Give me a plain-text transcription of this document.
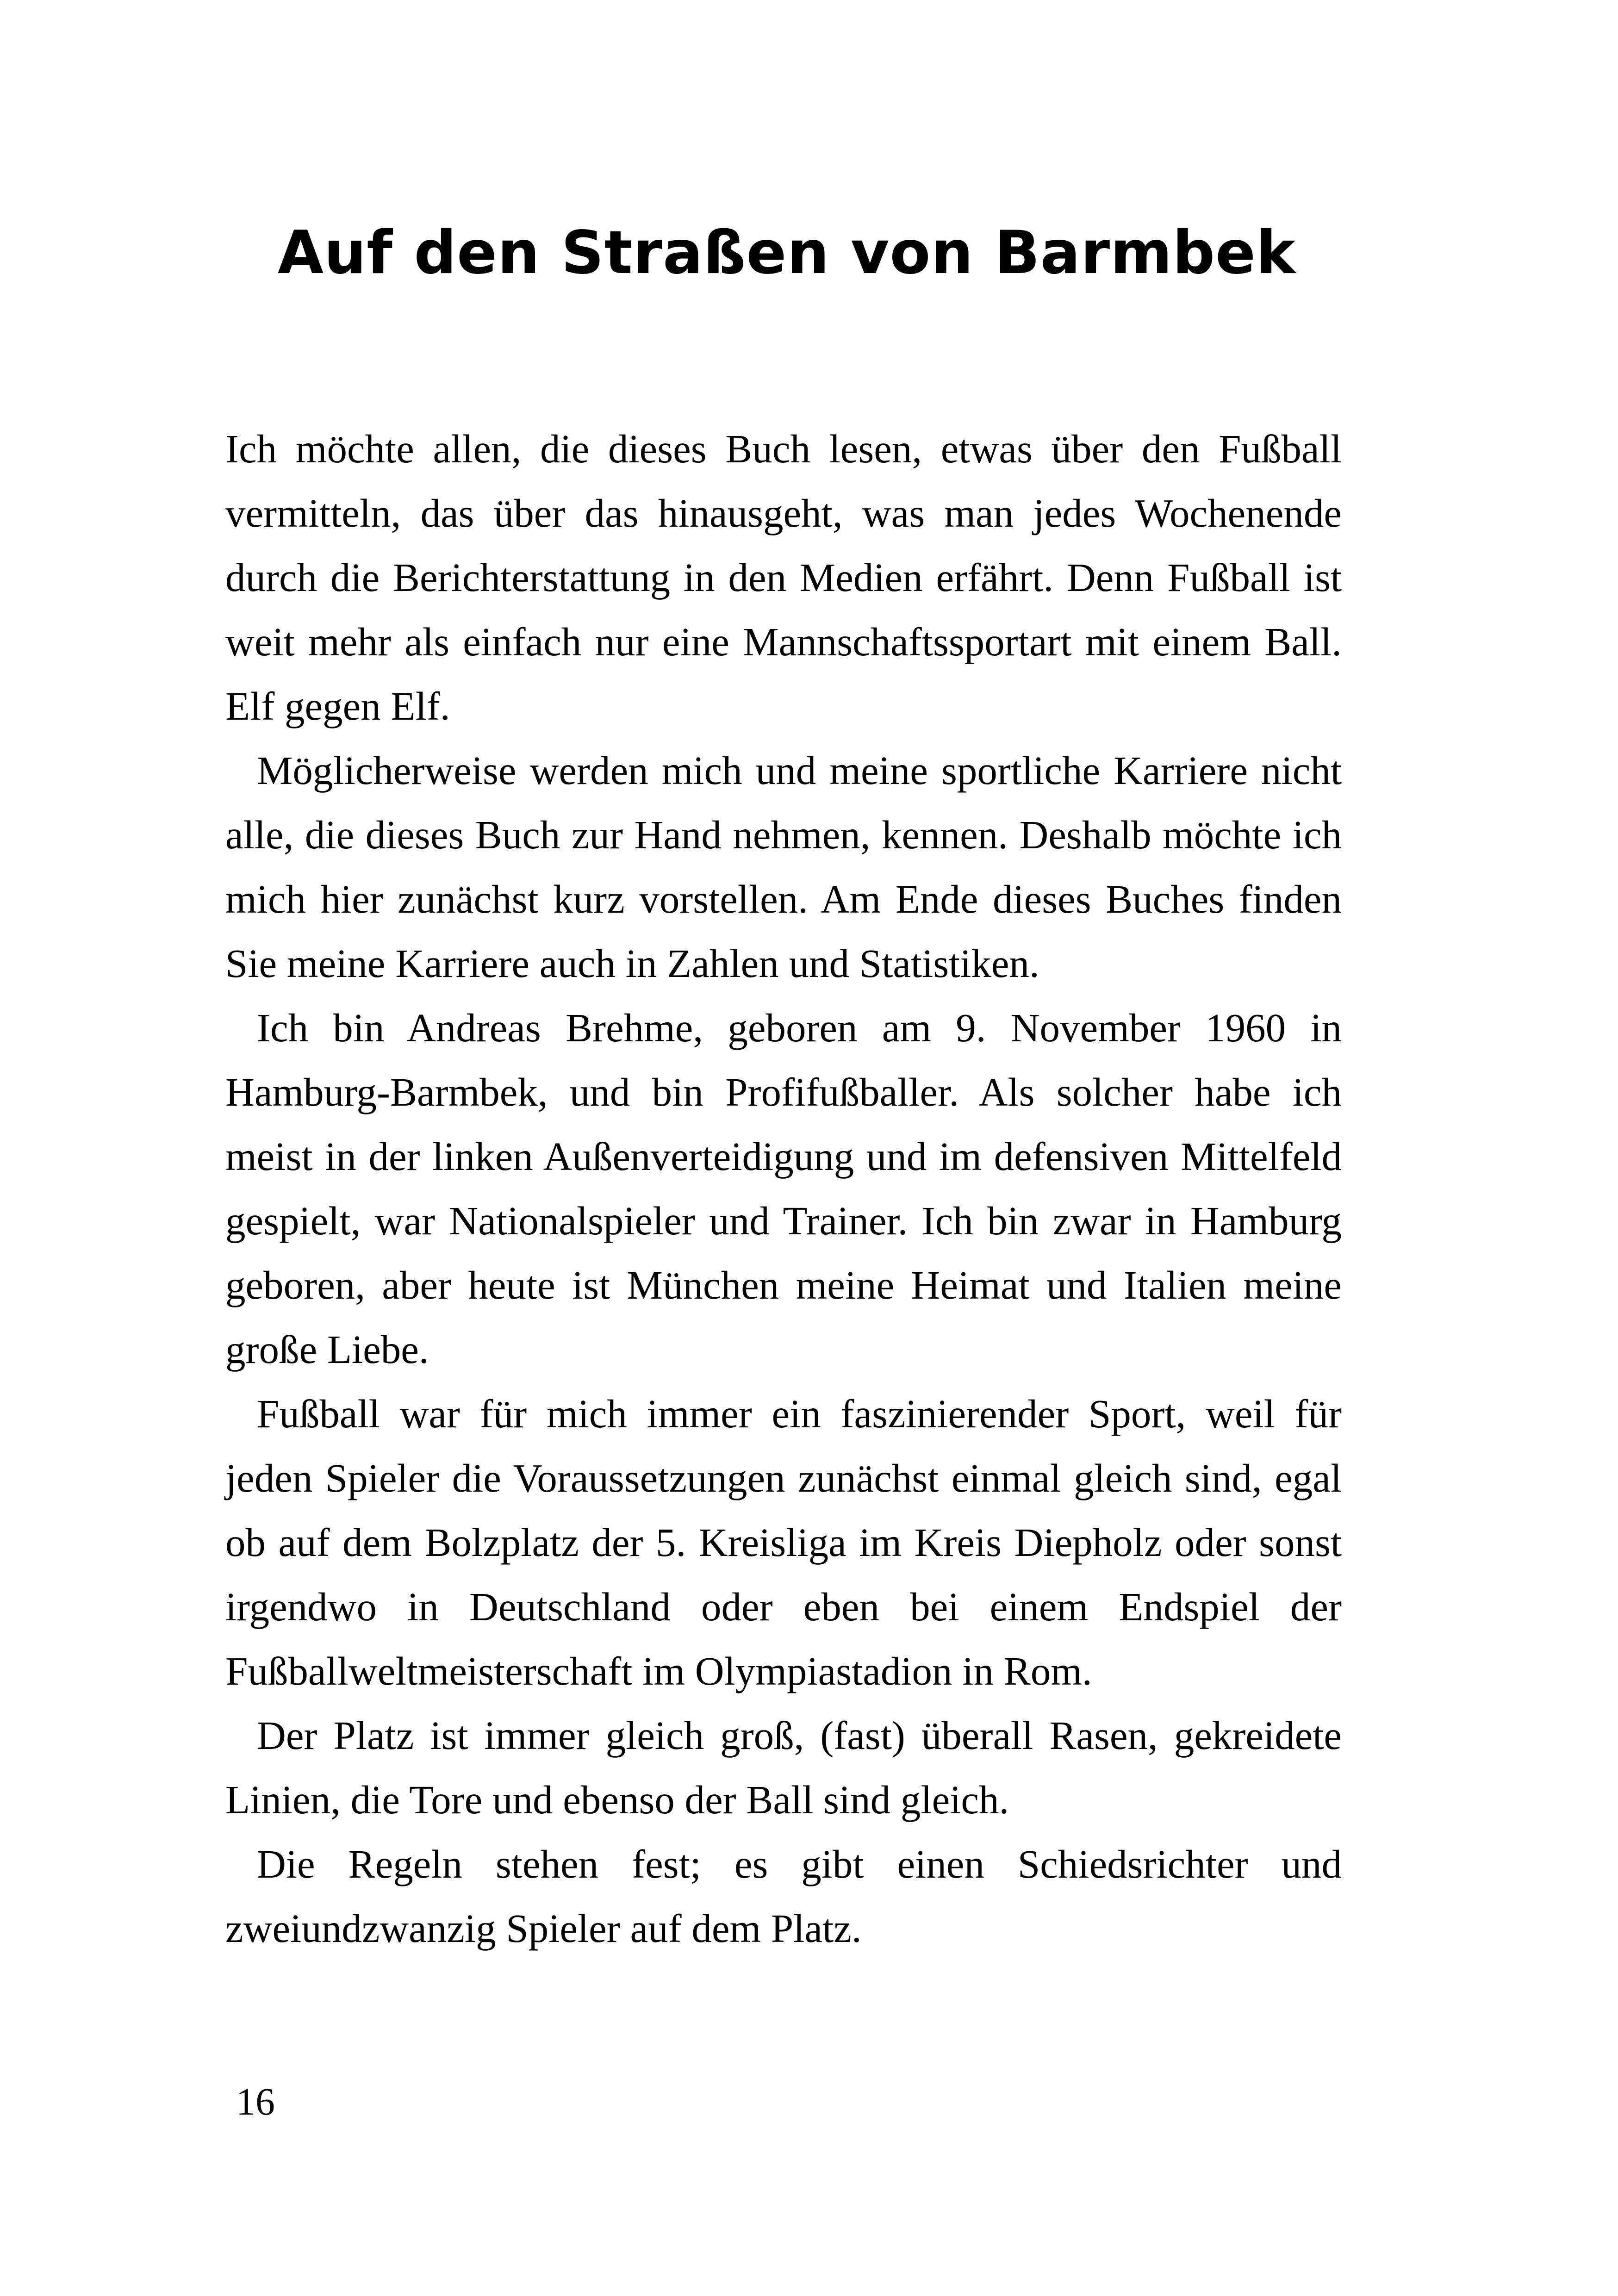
Auf den Straßen von Barmbek

Ich möchte allen, die dieses Buch lesen, etwas über den Fußball vermitteln, das über das hinausgeht, was man jedes Wochenende durch die Berichterstattung in den Medien erfährt. Denn Fußball ist weit mehr als einfach nur eine Mannschaftssportart mit einem Ball. Elf gegen Elf.

Möglicherweise werden mich und meine sportliche Karriere nicht alle, die dieses Buch zur Hand nehmen, kennen. Deshalb möchte ich mich hier zunächst kurz vorstellen. Am Ende dieses Buches finden Sie meine Karriere auch in Zahlen und Statistiken.

Ich bin Andreas Brehme, geboren am 9. November 1960 in Hamburg-Barmbek, und bin Profifußballer. Als solcher habe ich meist in der linken Außenverteidigung und im defensiven Mittelfeld gespielt, war Nationalspieler und Trainer. Ich bin zwar in Hamburg geboren, aber heute ist München meine Heimat und Italien meine große Liebe.

Fußball war für mich immer ein faszinierender Sport, weil für jeden Spieler die Voraussetzungen zunächst einmal gleich sind, egal ob auf dem Bolzplatz der 5. Kreisliga im Kreis Diepholz oder sonst irgendwo in Deutschland oder eben bei einem Endspiel der Fußballweltmeisterschaft im Olympiastadion in Rom.

Der Platz ist immer gleich groß, (fast) überall Rasen, gekreidete Linien, die Tore und ebenso der Ball sind gleich.

Die Regeln stehen fest; es gibt einen Schiedsrichter und zweiundzwanzig Spieler auf dem Platz.

16
